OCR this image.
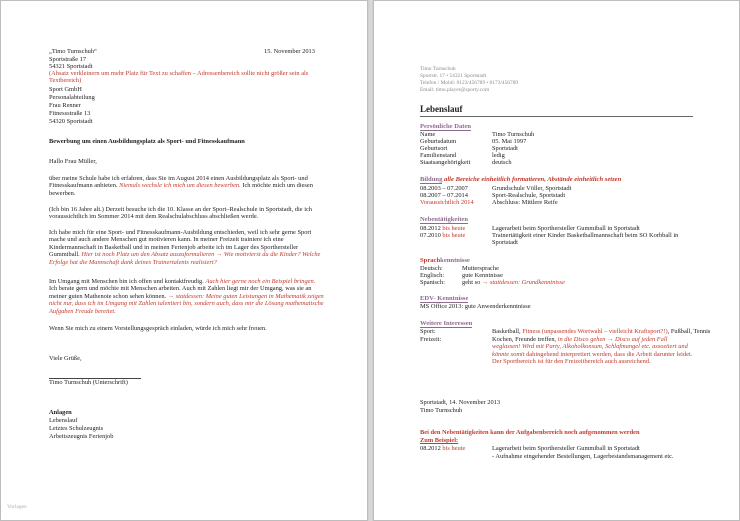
„Timo Turnschuh“	15. November 2013
Sportstraße 17
54321 Sportstadt
(Absatz verkleinern um mehr Platz für Text zu schaffen – Adressenbereich sollte nicht größer sein als Textbereich)
Sport GmbH
Personalabteilung
Frau Renner
Fitnessstraße 13
54320 Sportstadt
Bewerbung um einen Ausbildungsplatz als Sport- und Fitnesskaufmann
Hallo Frau Müller,
über meine Schule habe ich erfahren, dass Sie im August 2014 einen Ausbildungsplatz als Sport- und Fitnesskaufmann anbieten. Niemals wechsle ich mich um diesen bewerben. Ich möchte mich um diesen bewerben.
(Ich bin 16 Jahre alt.) Derzeit besuche ich die 10. Klasse an der Sport–Realschule in Sportstadt, die ich voraussichtlich im Sommer 2014 mit dem Realschulabschluss abschließen werde.
Ich habe mich für eine Sport- und Fitnesskaufmann-Ausbildung entschieden, weil ich sehr gerne Sport mache und auch andere Menschen gut motivieren kann. In meiner Freizeit trainiere ich eine Kindermannschaft in Basketball und in meinen Ferienjob arbeite ich im Lager des Sporthersteller Gummiball. Hier ist noch Platz um den Absatz auszuformulieren → Wie motivierst du die Kinder? Welche Erfolge hat die Mannschaft dank deines Trainertalents realisiert?
Im Umgang mit Menschen bin ich offen und kontaktfreudig. Auch hier gerne noch ein Beispiel bringen. Ich berate gern und möchte mit Menschen arbeiten. Auch mit Zahlen liegt mir der Umgang, was sie an meiner guten Mathenote schon sehen können. → statdessen: Meine guten Leistungen in Mathematik zeigen nicht nur, dass ich im Umgang mit Zahlen talentiert bin, sondern auch, dass mir die Lösung mathematische Aufgaben Freude bereitet.
Wenn Sie mich zu einem Vorstellungsgespräch einladen, würde ich mich sehr freuen.
Viele Grüße,
Timo Turnschuh (Unterschrift)
Anlagen
Lebenslauf
Letztes Schulzeugnis
Arbeitszeugnis Ferienjob
Vorlagen
Timo Turnschuh
Sportstr. 17 • 54321 Sportstadt
Telefon / Mobil: 0123/456789 • 0173/456789
Email: timo.player@sporty.com
Lebenslauf
Persönliche Daten
Name	Timo Turnschuh
Geburtsdatum	05. Mai 1997
Geburtsort	Sportstadt
Familienstand	ledig
Staatsangehörigkeit	deutsch
Bildung alle Bereiche einheitlich formatieren, Abstände einheitlich setzen
08.2003 – 07.2007	Grundschule Völler, Sportstadt
08.2007 – 07.2014	Sport-Realschule, Sportstadt
Voraussichtlich 2014	Abschluss: Mittlere Reife
Nebentätigkeiten
08.2012 bis heute	Lagerarbeit beim Sporthersteller Gummiball in Sportstadt
07.2010 bis heute	Trainertätigkeit einer Kinder Basketballmannschaft beim SO Korbball in Sportstadt
Sprachkenntnisse
Deutsch:	Muttersprache
Englisch:	gute Kenntnisse
Spanisch:	geht so → stattdessen: Grundkenntnisse
EDV- Kenntnisse
MS Office 2013: gute Anwenderkenntnisse
Weitere Interessen
Sport:	Basketball, Fitness (unpassendes Wortwahl – vielleicht Kraftsport?!), Fußball, Tennis
Freizeit:	Kochen, Freunde treffen, in die Disco gehen → Disco auf jeden Fall weglassen! Wird mit Party, Alkoholkonsum, Schlafmangel etc. assoziiert und könnte somit dahingehend interpretiert werden, dass die Arbeit darunter leidet. Der Sportbereich ist für den Freizeitbereich auch ausreichend.
Sportstadt, 14. November 2013
Timo Turnschuh
Bei den Nebentätigkeiten kann der Aufgabenbereich noch aufgenommen werden
Zum Beispiel:
08.2012 bis heute	Lagerarbeit beim Sporthersteller Gummiball in Sportstadt
- Aufnahme eingehender Bestellungen, Lagerbestandsmanagement etc.
